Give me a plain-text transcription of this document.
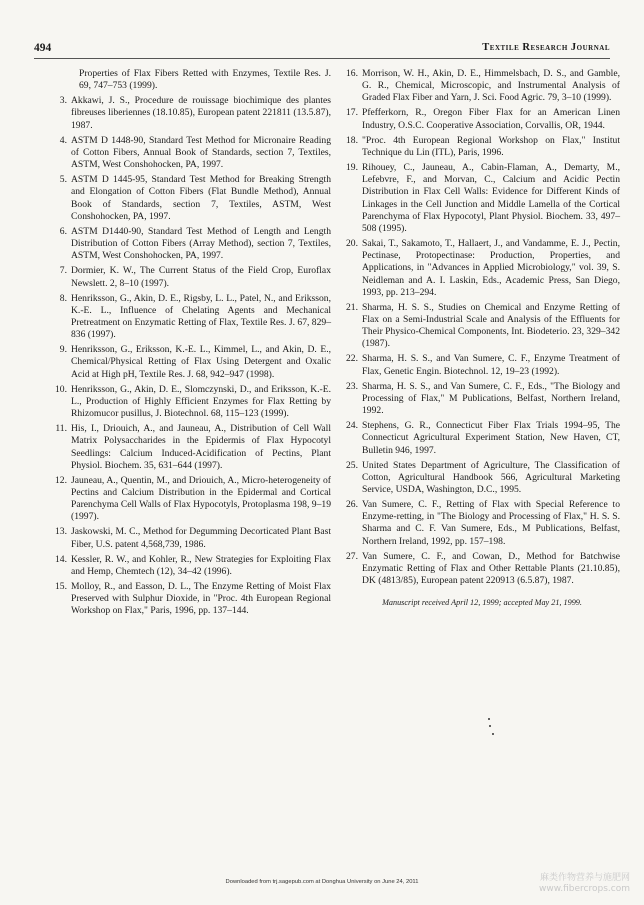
494	Textile Research Journal
Properties of Flax Fibers Retted with Enzymes, Textile Res. J. 69, 747–753 (1999).
3. Akkawi, J. S., Procedure de rouissage biochimique des plantes fibreuses liberiennes (18.10.85), European patent 221811 (13.5.87), 1987.
4. ASTM D 1448-90, Standard Test Method for Micronaire Reading of Cotton Fibers, Annual Book of Standards, section 7, Textiles, ASTM, West Conshohocken, PA, 1997.
5. ASTM D 1445-95, Standard Test Method for Breaking Strength and Elongation of Cotton Fibers (Flat Bundle Method), Annual Book of Standards, section 7, Textiles, ASTM, West Conshohocken, PA, 1997.
6. ASTM D1440-90, Standard Test Method of Length and Length Distribution of Cotton Fibers (Array Method), section 7, Textiles, ASTM, West Conshohocken, PA, 1997.
7. Dormier, K. W., The Current Status of the Field Crop, Euroflax Newslett. 2, 8–10 (1997).
8. Henriksson, G., Akin, D. E., Rigsby, L. L., Patel, N., and Eriksson, K.-E. L., Influence of Chelating Agents and Mechanical Pretreatment on Enzymatic Retting of Flax, Textile Res. J. 67, 829–836 (1997).
9. Henriksson, G., Eriksson, K.-E. L., Kimmel, L., and Akin, D. E., Chemical/Physical Retting of Flax Using Detergent and Oxalic Acid at High pH, Textile Res. J. 68, 942–947 (1998).
10. Henriksson, G., Akin, D. E., Slomczynski, D., and Eriksson, K.-E. L., Production of Highly Efficient Enzymes for Flax Retting by Rhizomucor pusillus, J. Biotechnol. 68, 115–123 (1999).
11. His, I., Driouich, A., and Jauneau, A., Distribution of Cell Wall Matrix Polysaccharides in the Epidermis of Flax Hypocotyl Seedlings: Calcium Induced-Acidification of Pectins, Plant Physiol. Biochem. 35, 631–644 (1997).
12. Jauneau, A., Quentin, M., and Driouich, A., Micro-heterogeneity of Pectins and Calcium Distribution in the Epidermal and Cortical Parenchyma Cell Walls of Flax Hypocotyls, Protoplasma 198, 9–19 (1997).
13. Jaskowski, M. C., Method for Degumming Decorticated Plant Bast Fiber, U.S. patent 4,568,739, 1986.
14. Kessler, R. W., and Kohler, R., New Strategies for Exploiting Flax and Hemp, Chemtech (12), 34–42 (1996).
15. Molloy, R., and Easson, D. L., The Enzyme Retting of Moist Flax Preserved with Sulphur Dioxide, in "Proc. 4th European Regional Workshop on Flax," Paris, 1996, pp. 137–144.
16. Morrison, W. H., Akin, D. E., Himmelsbach, D. S., and Gamble, G. R., Chemical, Microscopic, and Instrumental Analysis of Graded Flax Fiber and Yarn, J. Sci. Food Agric. 79, 3–10 (1999).
17. Pfefferkorn, R., Oregon Fiber Flax for an American Linen Industry, O.S.C. Cooperative Association, Corvallis, OR, 1944.
18. "Proc. 4th European Regional Workshop on Flax," Institut Technique du Lin (ITL), Paris, 1996.
19. Rihouey, C., Jauneau, A., Cabin-Flaman, A., Demarty, M., Lefebvre, F., and Morvan, C., Calcium and Acidic Pectin Distribution in Flax Cell Walls: Evidence for Different Kinds of Linkages in the Cell Junction and Middle Lamella of the Cortical Parenchyma of Flax Hypocotyl, Plant Physiol. Biochem. 33, 497–508 (1995).
20. Sakai, T., Sakamoto, T., Hallaert, J., and Vandamme, E. J., Pectin, Pectinase, Protopectinase: Production, Properties, and Applications, in "Advances in Applied Microbiology," vol. 39, S. Neidleman and A. I. Laskin, Eds., Academic Press, San Diego, 1993, pp. 213–294.
21. Sharma, H. S. S., Studies on Chemical and Enzyme Retting of Flax on a Semi-Industrial Scale and Analysis of the Effluents for Their Physico-Chemical Components, Int. Biodeterio. 23, 329–342 (1987).
22. Sharma, H. S. S., and Van Sumere, C. F., Enzyme Treatment of Flax, Genetic Engin. Biotechnol. 12, 19–23 (1992).
23. Sharma, H. S. S., and Van Sumere, C. F., Eds., "The Biology and Processing of Flax," M Publications, Belfast, Northern Ireland, 1992.
24. Stephens, G. R., Connecticut Fiber Flax Trials 1994–95, The Connecticut Agricultural Experiment Station, New Haven, CT, Bulletin 946, 1997.
25. United States Department of Agriculture, The Classification of Cotton, Agricultural Handbook 566, Agricultural Marketing Service, USDA, Washington, D.C., 1995.
26. Van Sumere, C. F., Retting of Flax with Special Reference to Enzyme-retting, in "The Biology and Processing of Flax," H. S. S. Sharma and C. F. Van Sumere, Eds., M Publications, Belfast, Northern Ireland, 1992, pp. 157–198.
27. Van Sumere, C. F., and Cowan, D., Method for Batchwise Enzymatic Retting of Flax and Other Rettable Plants (21.10.85), DK (4813/85), European patent 220913 (6.5.87), 1987.
Manuscript received April 12, 1999; accepted May 21, 1999.
Downloaded from trj.sagepub.com at Donghua University on June 24, 2011	麻类作物营养与施肥网
www.fibercrops.com
